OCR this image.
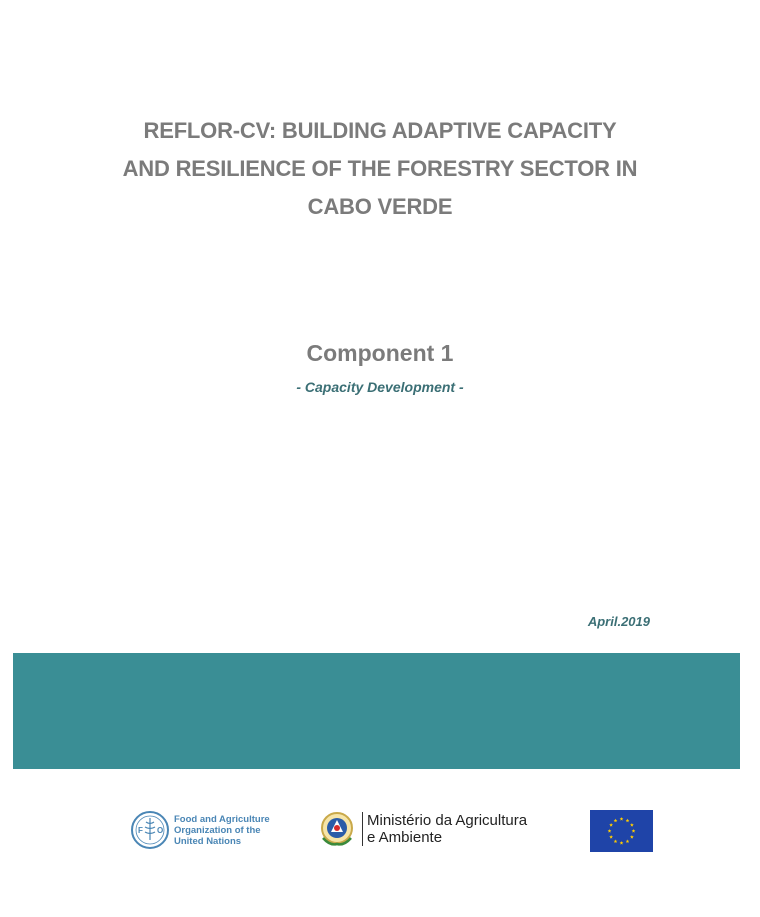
REFLOR-CV: BUILDING ADAPTIVE CAPACITY
AND RESILIENCE OF THE FORESTRY SECTOR IN
CABO VERDE
Component 1
- Capacity Development -
April.2019
F O
Food and Agriculture
Organization of the
United Nations
Ministério da Agricultura
e Ambiente
